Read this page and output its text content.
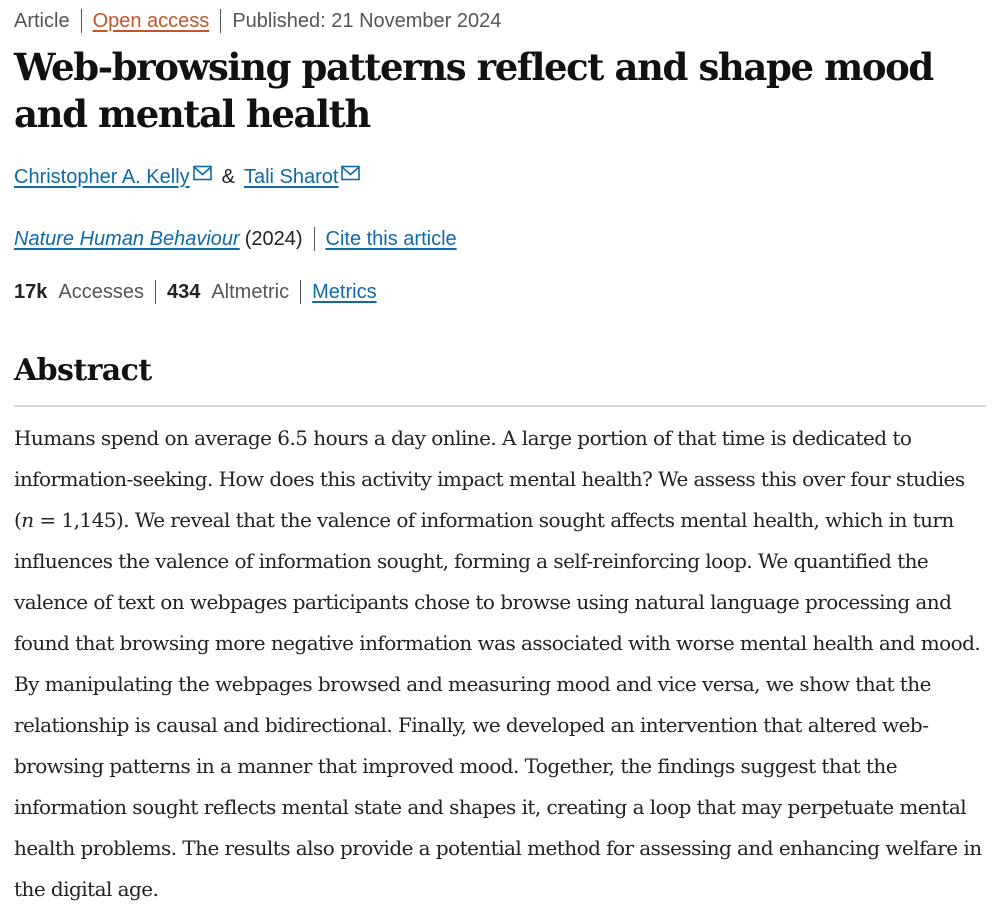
Article Open access Published: 21 November 2024
Web-browsing patterns reflect and shape mood and mental health
Christopher A. Kelly & Tali Sharot
Nature Human Behaviour (2024) Cite this article
17k Accesses 434 Altmetric Metrics
Abstract

Humans spend on average 6.5 hours a day online. A large portion of that time is dedicated to information-seeking. How does this activity impact mental health? We assess this over four studies (n = 1,145). We reveal that the valence of information sought affects mental health, which in turn influences the valence of information sought, forming a self-reinforcing loop. We quantified the valence of text on webpages participants chose to browse using natural language processing and found that browsing more negative information was associated with worse mental health and mood. By manipulating the webpages browsed and measuring mood and vice versa, we show that the relationship is causal and bidirectional. Finally, we developed an intervention that altered web-browsing patterns in a manner that improved mood. Together, the findings suggest that the information sought reflects mental state and shapes it, creating a loop that may perpetuate mental health problems. The results also provide a potential method for assessing and enhancing welfare in the digital age.
